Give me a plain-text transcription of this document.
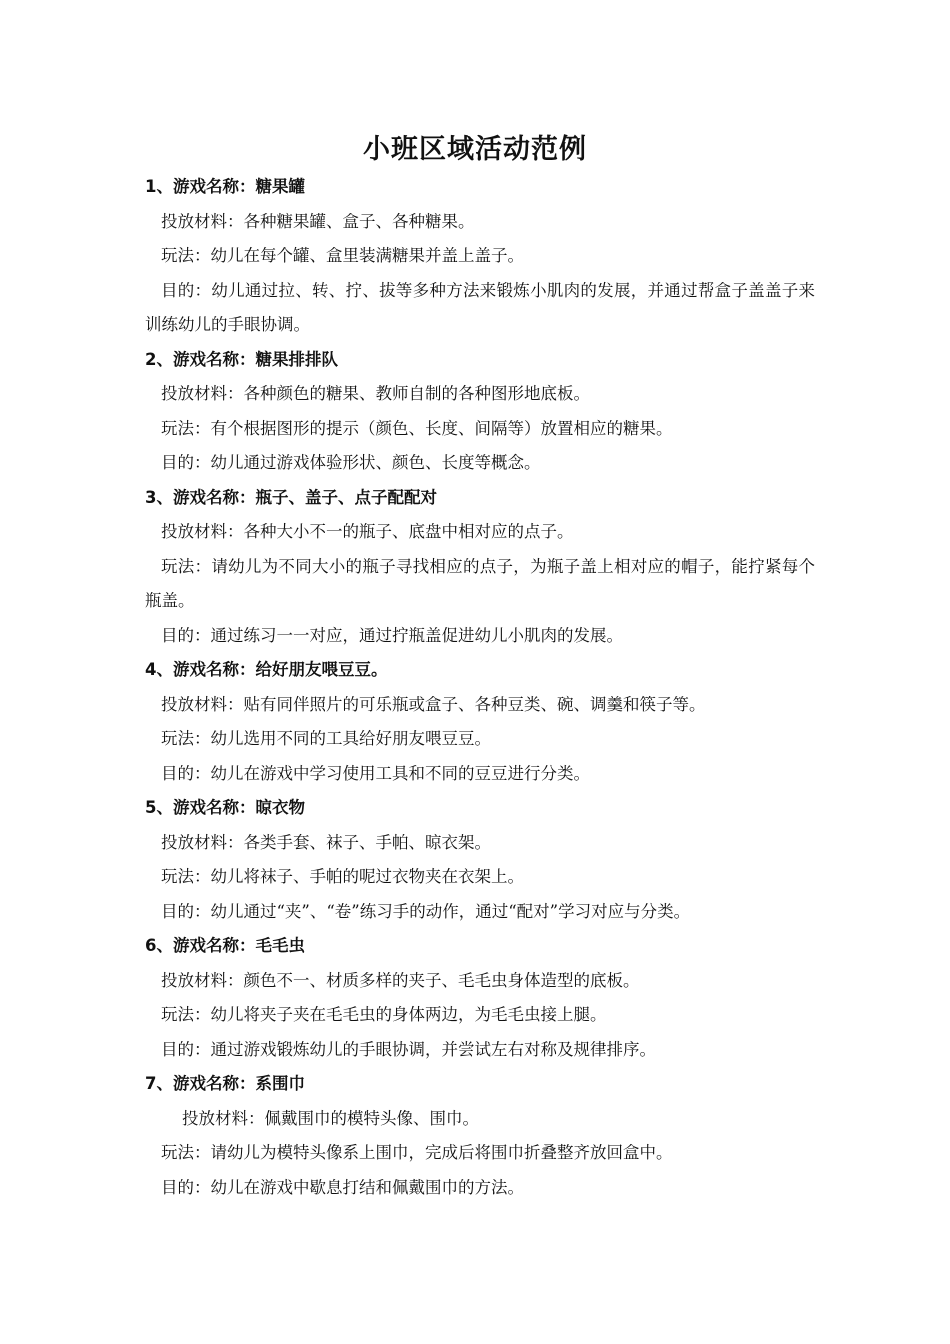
小班区域活动范例
1、游戏名称：糖果罐
投放材料：各种糖果罐、盒子、各种糖果。
玩法：幼儿在每个罐、盒里装满糖果并盖上盖子。
目的：幼儿通过拉、转、拧、拔等多种方法来锻炼小肌肉的发展，并通过帮盒子盖盖子来训练幼儿的手眼协调。
2、游戏名称：糖果排排队
投放材料：各种颜色的糖果、教师自制的各种图形地底板。
玩法：有个根据图形的提示（颜色、长度、间隔等）放置相应的糖果。
目的：幼儿通过游戏体验形状、颜色、长度等概念。
3、游戏名称：瓶子、盖子、点子配配对
投放材料：各种大小不一的瓶子、底盘中相对应的点子。
玩法：请幼儿为不同大小的瓶子寻找相应的点子，为瓶子盖上相对应的帽子，能拧紧每个瓶盖。
目的：通过练习一一对应，通过拧瓶盖促进幼儿小肌肉的发展。
4、游戏名称：给好朋友喂豆豆。
投放材料：贴有同伴照片的可乐瓶或盒子、各种豆类、碗、调羹和筷子等。
玩法：幼儿选用不同的工具给好朋友喂豆豆。
目的：幼儿在游戏中学习使用工具和不同的豆豆进行分类。
5、游戏名称：晾衣物
投放材料：各类手套、袜子、手帕、晾衣架。
玩法：幼儿将袜子、手帕的呢过衣物夹在衣架上。
目的：幼儿通过“夹”、“卷”练习手的动作，通过“配对”学习对应与分类。
6、游戏名称：毛毛虫
投放材料：颜色不一、材质多样的夹子、毛毛虫身体造型的底板。
玩法：幼儿将夹子夹在毛毛虫的身体两边，为毛毛虫接上腿。
目的：通过游戏锻炼幼儿的手眼协调，并尝试左右对称及规律排序。
7、游戏名称：系围巾
投放材料：佩戴围巾的模特头像、围巾。
玩法：请幼儿为模特头像系上围巾，完成后将围巾折叠整齐放回盒中。
目的：幼儿在游戏中歇息打结和佩戴围巾的方法。
